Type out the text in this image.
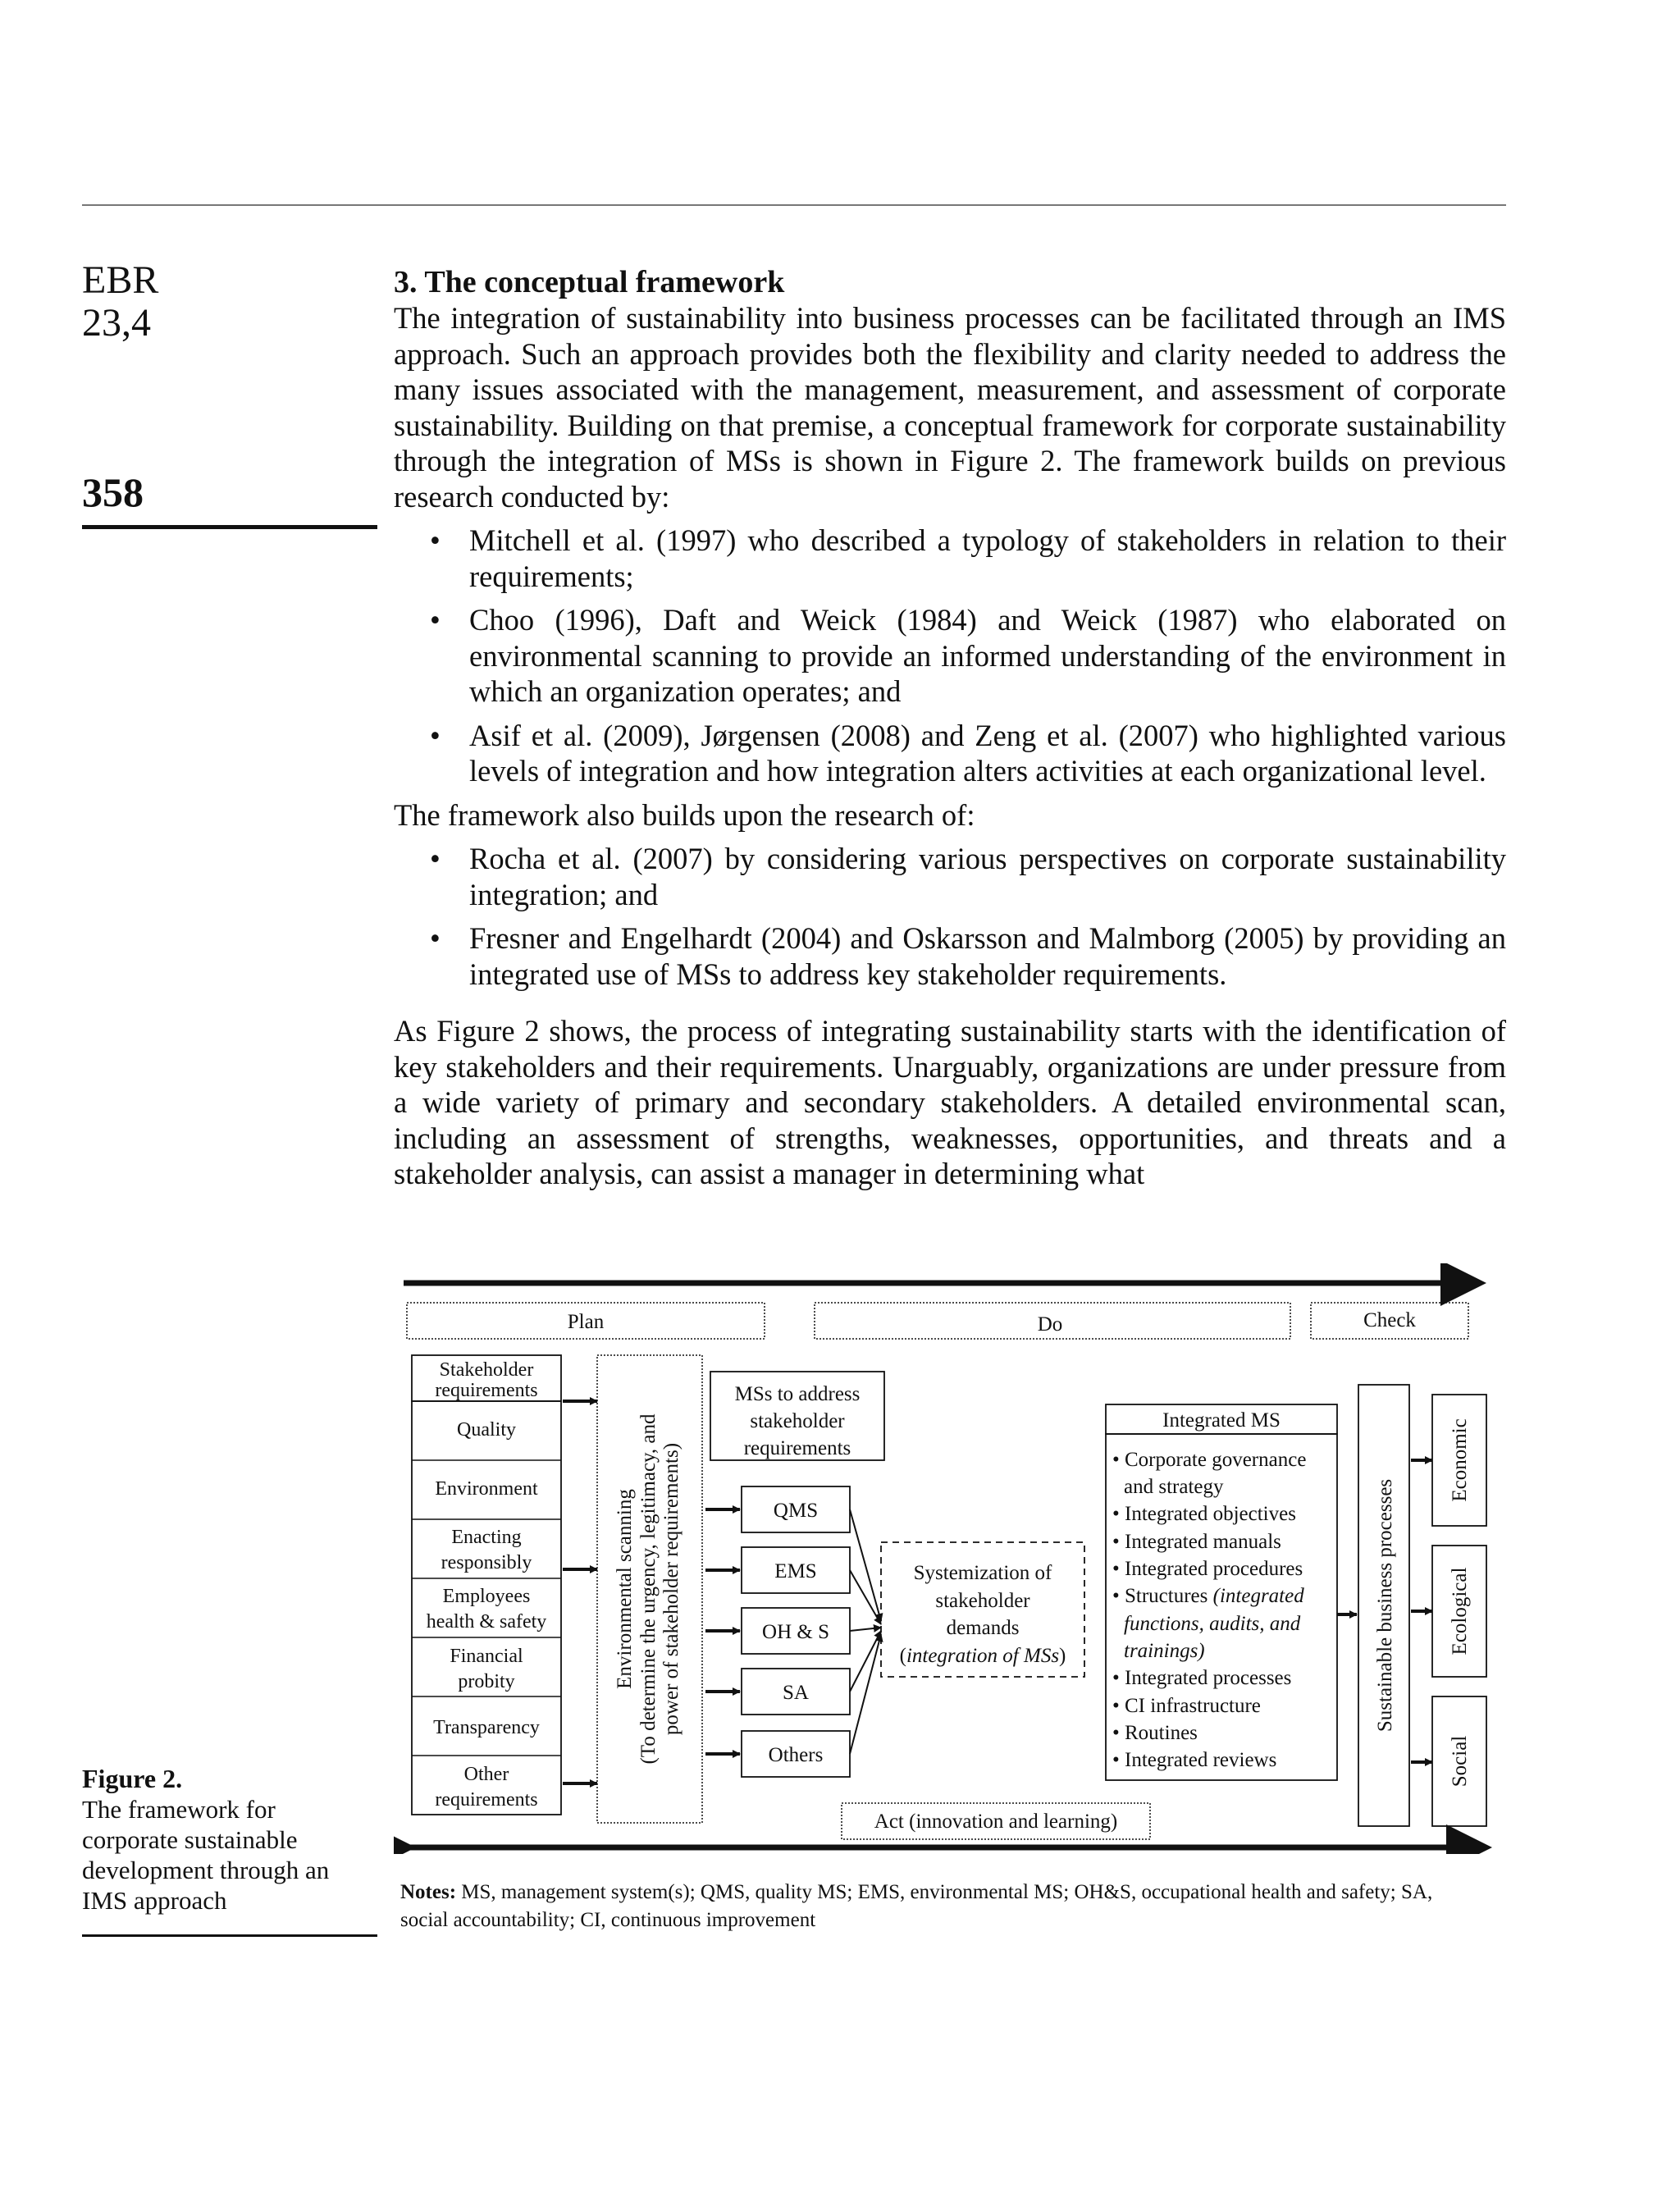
EBR
23,4
358
3. The conceptual framework

The integration of sustainability into business processes can be facilitated through an IMS approach. Such an approach provides both the flexibility and clarity needed to address the many issues associated with the management, measurement, and assessment of corporate sustainability. Building on that premise, a conceptual framework for corporate sustainability through the integration of MSs is shown in Figure 2. The framework builds on previous research conducted by:

• Mitchell et al. (1997) who described a typology of stakeholders in relation to their requirements;
• Choo (1996), Daft and Weick (1984) and Weick (1987) who elaborated on environmental scanning to provide an informed understanding of the environment in which an organization operates; and
• Asif et al. (2009), Jørgensen (2008) and Zeng et al. (2007) who highlighted various levels of integration and how integration alters activities at each organizational level.

The framework also builds upon the research of:

• Rocha et al. (2007) by considering various perspectives on corporate sustainability integration; and
• Fresner and Engelhardt (2004) and Oskarsson and Malmborg (2005) by providing an integrated use of MSs to address key stakeholder requirements.

As Figure 2 shows, the process of integrating sustainability starts with the identification of key stakeholders and their requirements. Unarguably, organizations are under pressure from a wide variety of primary and secondary stakeholders. A detailed environmental scan, including an assessment of strengths, weaknesses, opportunities, and threats and a stakeholder analysis, can assist a manager in determining what

Plan	Do	Check
Stakeholder
requirements
Quality
Environment
Enacting
responsibly
Employees
health & safety
Financial
probity
Transparency
Other
requirements
Environmental scanning (To determine the urgency, legitimacy, and power of stakeholder requirements)
MSs to address
stakeholder
requirements
QMS
EMS
OH & S
SA
Others
Systemization of
stakeholder
demands
(integration of MSs)
Integrated MS
• Corporate governance
and strategy
• Integrated objectives
• Integrated manuals
• Integrated procedures
• Structures (integrated
functions, audits, and
trainings)
• Integrated processes
• CI infrastructure
• Routines
• Integrated reviews
Sustainable business processes
Economic
Ecological
Social
Act (innovation and learning)
Figure 2.
The framework for corporate sustainable development through an IMS approach	Notes: MS, management system(s); QMS, quality MS; EMS, environmental MS; OH&S, occupational health and safety; SA, social accountability; CI, continuous improvement
